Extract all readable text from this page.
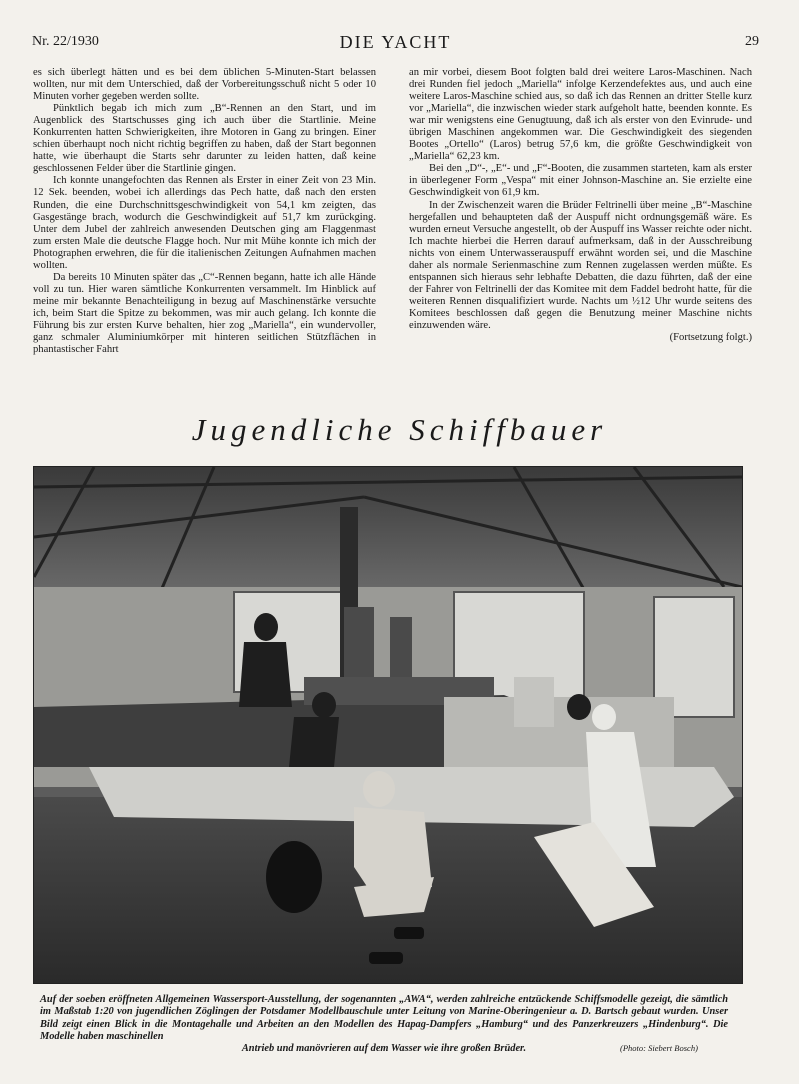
Nr. 22/1930	DIE YACHT	29

es sich überlegt hätten und es bei dem üblichen 5-Minuten-Start belassen wollten, nur mit dem Unterschied, daß der Vorbereitungsschuß nicht 5 oder 10 Minuten vorher gegeben werden sollte.

Pünktlich begab ich mich zum „B“-Rennen an den Start, und im Augenblick des Startschusses ging ich auch über die Startlinie. Meine Konkurrenten hatten Schwierigkeiten, ihre Motoren in Gang zu bringen. Einer schien überhaupt noch nicht richtig begriffen zu haben, daß der Start begonnen hatte, wie überhaupt die Starts sehr darunter zu leiden hatten, daß keine geschlossenen Felder über die Startlinie gingen.

Ich konnte unangefochten das Rennen als Erster in einer Zeit von 23 Min. 12 Sek. beenden, wobei ich allerdings das Pech hatte, daß nach den ersten Runden, die eine Durchschnittsgeschwindigkeit von 54,1 km zeigten, das Gasgestänge brach, wodurch die Geschwindigkeit auf 51,7 km zurückging. Unter dem Jubel der zahlreich anwesenden Deutschen ging am Flaggenmast zum ersten Male die deutsche Flagge hoch. Nur mit Mühe konnte ich mich der Photographen erwehren, die für die italienischen Zeitungen Aufnahmen machen wollten.

Da bereits 10 Minuten später das „C“-Rennen begann, hatte ich alle Hände voll zu tun. Hier waren sämtliche Konkurrenten versammelt. Im Hinblick auf meine mir bekannte Benachteiligung in bezug auf Maschinenstärke versuchte ich, beim Start die Spitze zu bekommen, was mir auch gelang. Ich konnte die Führung bis zur ersten Kurve behalten, hier zog „Mariella“, ein wundervoller, ganz schmaler Aluminiumkörper mit hinteren seitlichen Stützflächen in phantastischer Fahrt

an mir vorbei, diesem Boot folgten bald drei weitere Laros-Maschinen. Nach drei Runden fiel jedoch „Mariella“ infolge Kerzendefektes aus, und auch eine weitere Laros-Maschine schied aus, so daß ich das Rennen an dritter Stelle kurz vor „Mariella“, die inzwischen wieder stark aufgeholt hatte, beenden konnte. Es war mir wenigstens eine Genugtuung, daß ich als erster von den Evinrude- und übrigen Maschinen angekommen war. Die Geschwindigkeit des siegenden Bootes „Ortello“ (Laros) betrug 57,6 km, die größte Geschwindigkeit von „Mariella“ 62,23 km.

Bei den „D“-, „E“- und „F“-Booten, die zusammen starteten, kam als erster in überlegener Form „Vespa“ mit einer Johnson-Maschine an. Sie erzielte eine Geschwindigkeit von 61,9 km.

In der Zwischenzeit waren die Brüder Feltrinelli über meine „B“-Maschine hergefallen und behaupteten daß der Auspuff nicht ordnungsgemäß wäre. Es wurden erneut Versuche angestellt, ob der Auspuff ins Wasser reichte oder nicht. Ich machte hierbei die Herren darauf aufmerksam, daß in der Ausschreibung nichts von einem Unterwasserauspuff erwähnt worden sei, und die Maschine daher als normale Serienmaschine zum Rennen zugelassen werden müßte. Es entspannen sich hieraus sehr lebhafte Debatten, die dazu führten, daß der eine der Fahrer von Feltrinelli der das Komitee mit dem Faddel bedroht hatte, für die weiteren Rennen disqualifiziert wurde. Nachts um ½12 Uhr wurde seitens des Komitees beschlossen daß gegen die Benutzung meiner Maschine nichts einzuwenden wäre.

(Fortsetzung folgt.)

Jugendliche Schiffbauer
Auf der soeben eröffneten Allgemeinen Wassersport-Ausstellung, der sogenannten „AWA“, werden zahlreiche entzückende Schiffsmodelle gezeigt, die sämtlich im Maßstab 1:20 von jugendlichen Zöglingen der Potsdamer Modellbauschule unter Leitung von Marine-Oberingenieur a. D. Bartsch gebaut wurden. Unser Bild zeigt einen Blick in die Montagehalle und Arbeiten an den Modellen des Hapag-Dampfers „Hamburg“ und des Panzerkreuzers „Hindenburg“. Die Modelle haben maschinellen
Antrieb und manövrieren auf dem Wasser wie ihre großen Brüder.	(Photo: Siebert Bosch)
